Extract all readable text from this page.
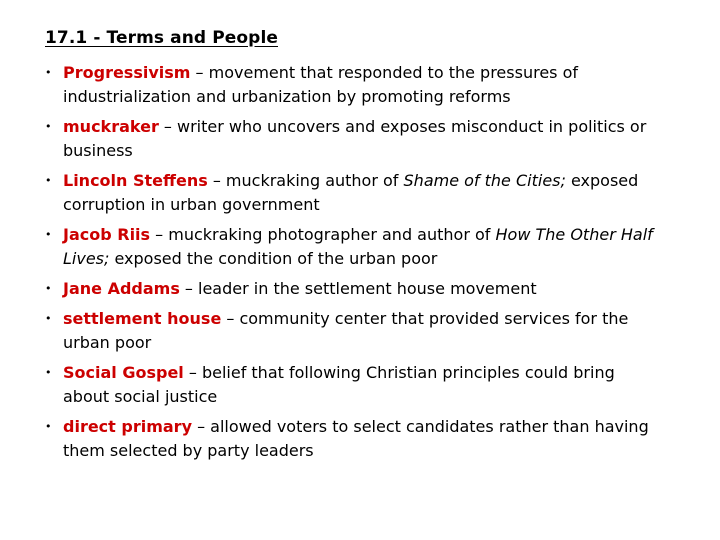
17.1 - Terms and People
• Progressivism – movement that responded to the pressures of industrialization and urbanization by promoting reforms
• muckraker – writer who uncovers and exposes misconduct in politics or business
• Lincoln Steffens – muckraking author of Shame of the Cities; exposed corruption in urban government
• Jacob Riis – muckraking photographer and author of How The Other Half Lives; exposed the condition of the urban poor
• Jane Addams – leader in the settlement house movement
• settlement house – community center that provided services for the urban poor
• Social Gospel – belief that following Christian principles could bring about social justice
• direct primary – allowed voters to select candidates rather than having them selected by party leaders
